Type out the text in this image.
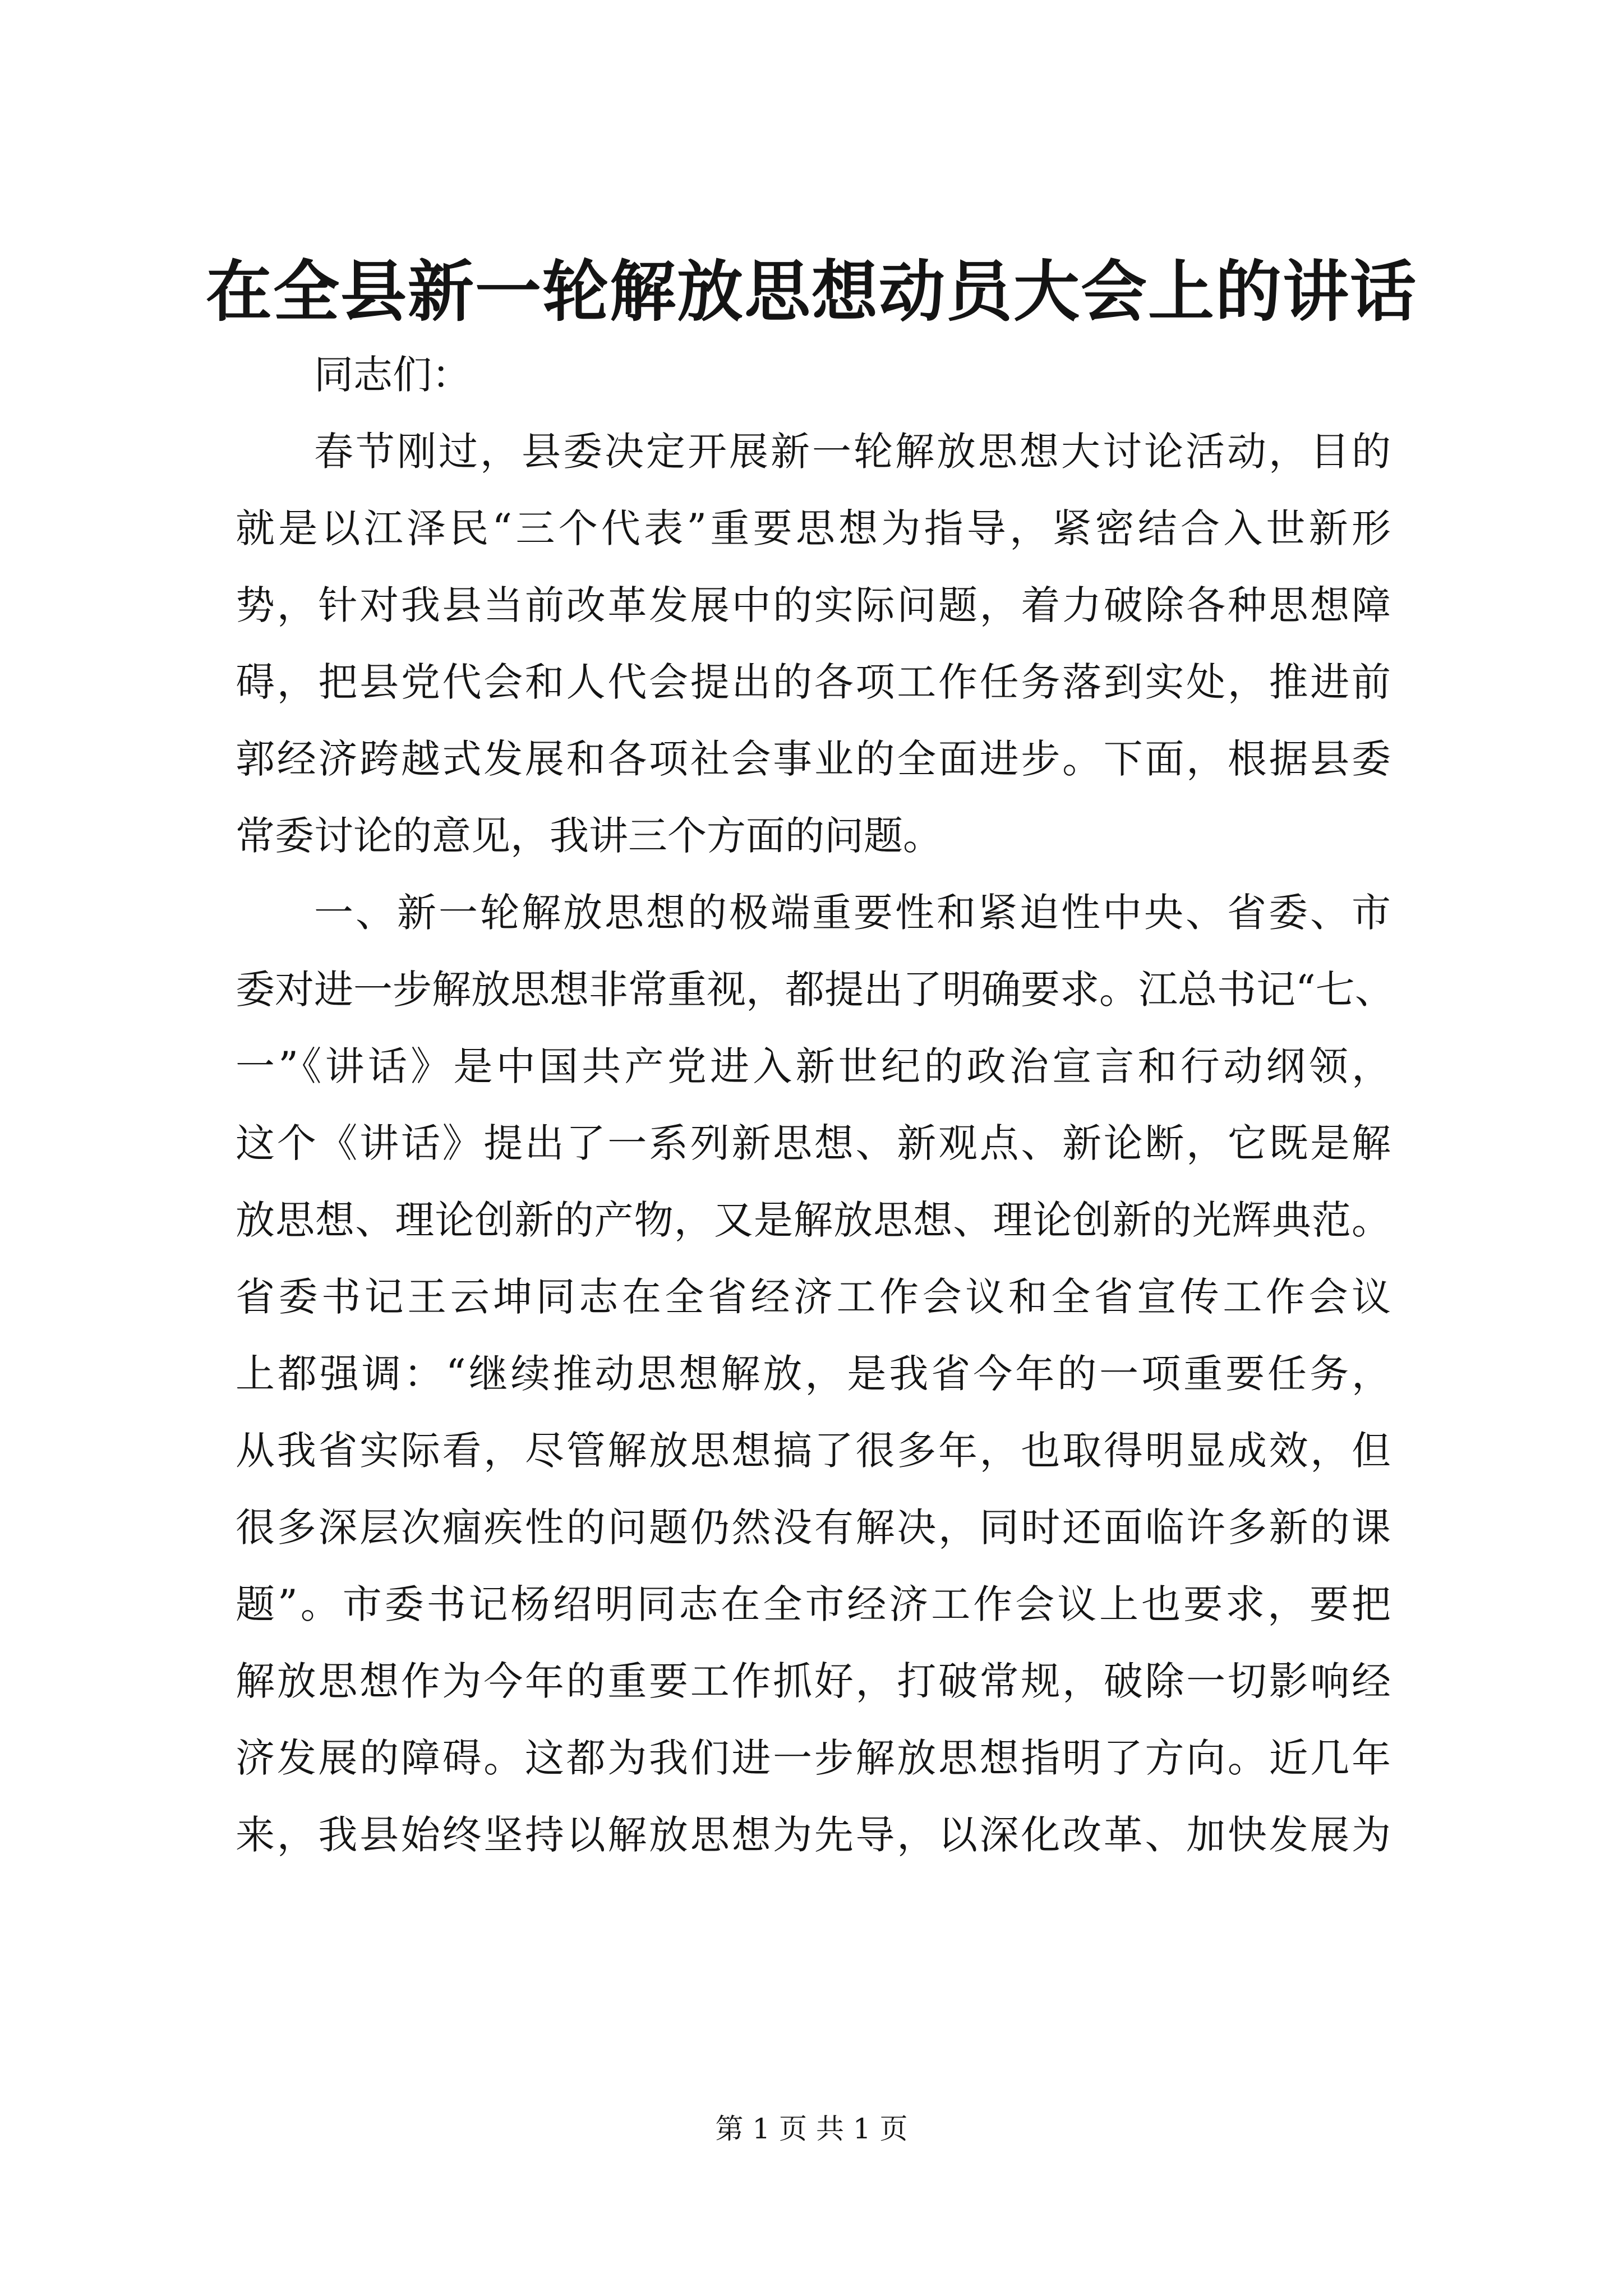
在全县新一轮解放思想动员大会上的讲话
同志们：
春节刚过，县委决定开展新一轮解放思想大讨论活动，目的
就是以江泽民“三个代表”重要思想为指导，紧密结合入世新形
势，针对我县当前改革发展中的实际问题，着力破除各种思想障
碍，把县党代会和人代会提出的各项工作任务落到实处，推进前
郭经济跨越式发展和各项社会事业的全面进步。下面，根据县委
常委讨论的意见，我讲三个方面的问题。
一、新一轮解放思想的极端重要性和紧迫性中央、省委、市
委对进一步解放思想非常重视，都提出了明确要求。江总书记“七、
一”《讲话》是中国共产党进入新世纪的政治宣言和行动纲领，
这个《讲话》提出了一系列新思想、新观点、新论断，它既是解
放思想、理论创新的产物，又是解放思想、理论创新的光辉典范。
省委书记王云坤同志在全省经济工作会议和全省宣传工作会议
上都强调：“继续推动思想解放，是我省今年的一项重要任务，
从我省实际看，尽管解放思想搞了很多年，也取得明显成效，但
很多深层次痼疾性的问题仍然没有解决，同时还面临许多新的课
题”。市委书记杨绍明同志在全市经济工作会议上也要求，要把
解放思想作为今年的重要工作抓好，打破常规，破除一切影响经
济发展的障碍。这都为我们进一步解放思想指明了方向。近几年
来，我县始终坚持以解放思想为先导，以深化改革、加快发展为
第 1 页 共 1 页
